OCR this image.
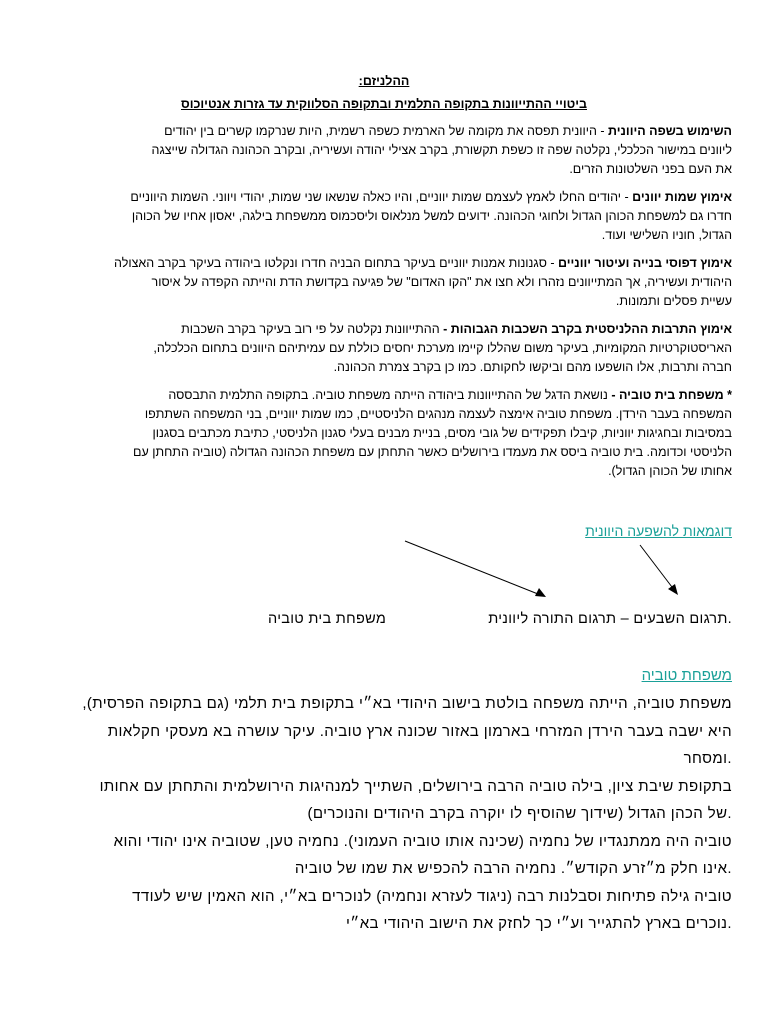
ההלניזם:
ביטויי ההתייוונות בתקופה התלמית ובתקופה הסלווקית עד גזרות אנטיוכוס
השימוש בשפה היוונית - היוונית תפסה את מקומה של הארמית כשפה רשמית, היות שנרקמו קשרים בין יהודים
ליוונים במישור הכלכלי, נקלטה שפה זו כשפת תקשורת, בקרב אצילי יהודה ועשיריה, ובקרב הכהונה הגדולה שייצגה
את העם בפני השלטונות הזרים.
אימוץ שמות יוונים - יהודים החלו לאמץ לעצמם שמות יווניים, והיו כאלה שנשאו שני שמות, יהודי ויווני. השמות היווניים
חדרו גם למשפחת הכוהן הגדול ולחוגי הכהונה. ידועים למשל מנלאוס וליסכמוס ממשפחת בילגה, יאסון אחיו של הכוהן
הגדול, חוניו השלישי ועוד.
אימוץ דפוסי בנייה ועיטור יווניים - סגנונות אמנות יווניים בעיקר בתחום הבניה חדרו ונקלטו ביהודה בעיקר בקרב האצולה
היהודית ועשיריה, אך המתייוונים נזהרו ולא חצו את "הקו האדום" של פגיעה בקדושת הדת והייתה הקפדה על איסור
עשיית פסלים ותמונות.
אימוץ התרבות ההלניסטית בקרב השכבות הגבוהות - ההתייוונות נקלטה על פי רוב בעיקר בקרב השכבות
האריסטוקרטיות המקומיות, בעיקר משום שהללו קיימו מערכת יחסים כוללת עם עמיתיהם היוונים בתחום הכלכלה,
חברה ותרבות, אלו הושפעו מהם וביקשו לחקותם. כמו כן בקרב צמרת הכהונה.
* משפחת בית טוביה - נושאת הדגל של ההתייוונות ביהודה הייתה משפחת טוביה. בתקופה התלמית התבססה
המשפחה בעבר הירדן. משפחת טוביה אימצה לעצמה מנהגים הלניסטיים, כמו שמות יווניים, בני המשפחה השתתפו
במסיבות ובחגיגות יווניות, קיבלו תפקידים של גובי מסים, בניית מבנים בעלי סגנון הלניסטי, כתיבת מכתבים בסגנון
הלניסטי וכדומה. בית טוביה ביסס את מעמדו בירושלים כאשר התחתן עם משפחת הכהונה הגדולה (טוביה התחתן עם
אחותו של הכוהן הגדול).
דוגמאות להשפעה היוונית
משפחת בית טוביה	.תרגום השבעים – תרגום התורה ליוונית
משפחת טוביה
משפחת טוביה, הייתה משפחה בולטת בישוב היהודי בא״י בתקופת בית תלמי (גם בתקופה הפרסית),
היא ישבה בעבר הירדן המזרחי בארמון באזור שכונה ארץ טוביה. עיקר עושרה בא מעסקי חקלאות
.ומסחר
בתקופת שיבת ציון, בילה טוביה הרבה בירושלים, השתייך למנהיגות הירושלמית והתחתן עם אחותו
.של הכהן הגדול (שידוך שהוסיף לו יוקרה בקרב היהודים והנוכרים)
טוביה היה ממתנגדיו של נחמיה (שכינה אותו טוביה העמוני). נחמיה טען, שטוביה אינו יהודי והוא
.אינו חלק מ״זרע הקודש״. נחמיה הרבה להכפיש את שמו של טוביה
טוביה גילה פתיחות וסבלנות רבה (ניגוד לעזרא ונחמיה) לנוכרים בא״י, הוא האמין שיש לעודד
.נוכרים בארץ להתגייר וע״י כך לחזק את הישוב היהודי בא״י
